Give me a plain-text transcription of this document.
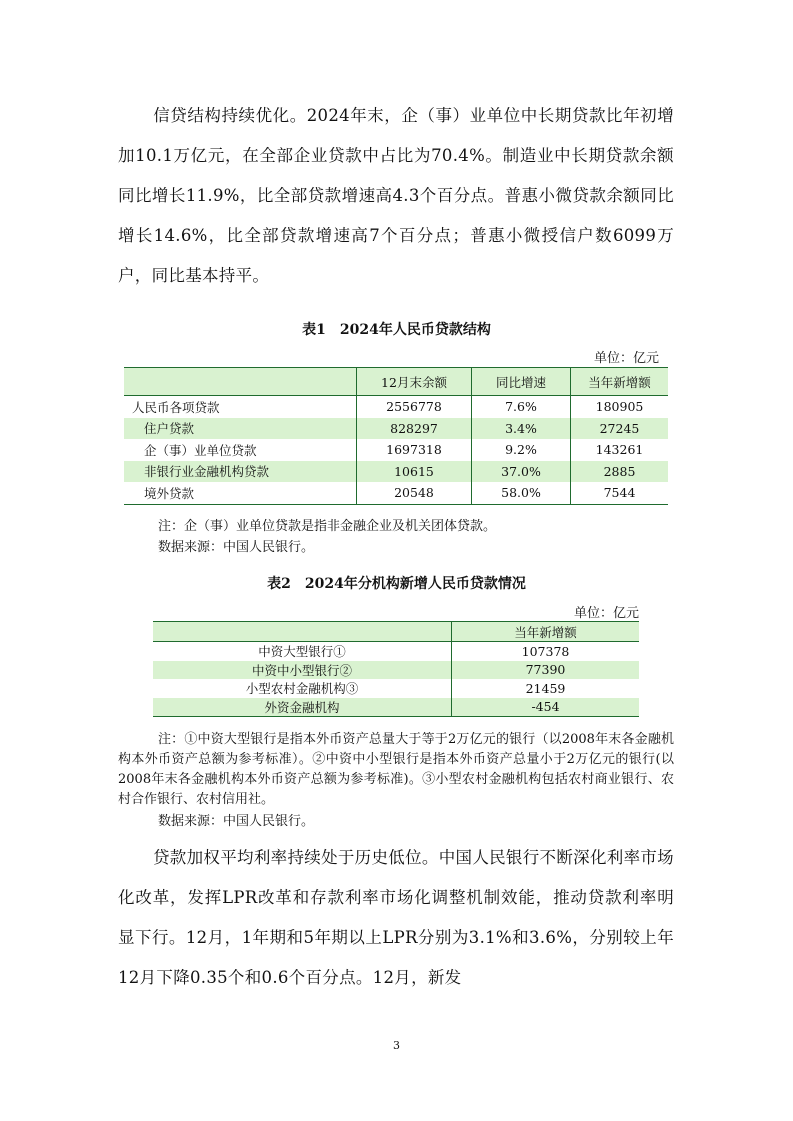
信贷结构持续优化。2024年末，企（事）业单位中长期贷款比年初增加10.1万亿元，在全部企业贷款中占比为70.4%。制造业中长期贷款余额同比增长11.9%，比全部贷款增速高4.3个百分点。普惠小微贷款余额同比增长14.6%，比全部贷款增速高7个百分点；普惠小微授信户数6099万户，同比基本持平。

表1　2024年人民币贷款结构

单位：亿元

	12月末余额	同比增速	当年新增额
人民币各项贷款	2556778	7.6%	180905
住户贷款	828297	3.4%	27245
企（事）业单位贷款	1697318	9.2%	143261
非银行业金融机构贷款	10615	37.0%	2885
境外贷款	20548	58.0%	7544

注：企（事）业单位贷款是指非金融企业及机关团体贷款。

数据来源：中国人民银行。

表2　2024年分机构新增人民币贷款情况

单位：亿元

	当年新增额
中资大型银行①	107378
中资中小型银行②	77390
小型农村金融机构③	21459
外资金融机构	-454

注：①中资大型银行是指本外币资产总量大于等于2万亿元的银行（以2008年末各金融机构本外币资产总额为参考标准）。②中资中小型银行是指本外币资产总量小于2万亿元的银行(以2008年末各金融机构本外币资产总额为参考标准)。③小型农村金融机构包括农村商业银行、农村合作银行、农村信用社。

数据来源：中国人民银行。

贷款加权平均利率持续处于历史低位。中国人民银行不断深化利率市场化改革，发挥LPR改革和存款利率市场化调整机制效能，推动贷款利率明显下行。12月，1年期和5年期以上LPR分别为3.1%和3.6%，分别较上年12月下降0.35个和0.6个百分点。12月，新发

3
